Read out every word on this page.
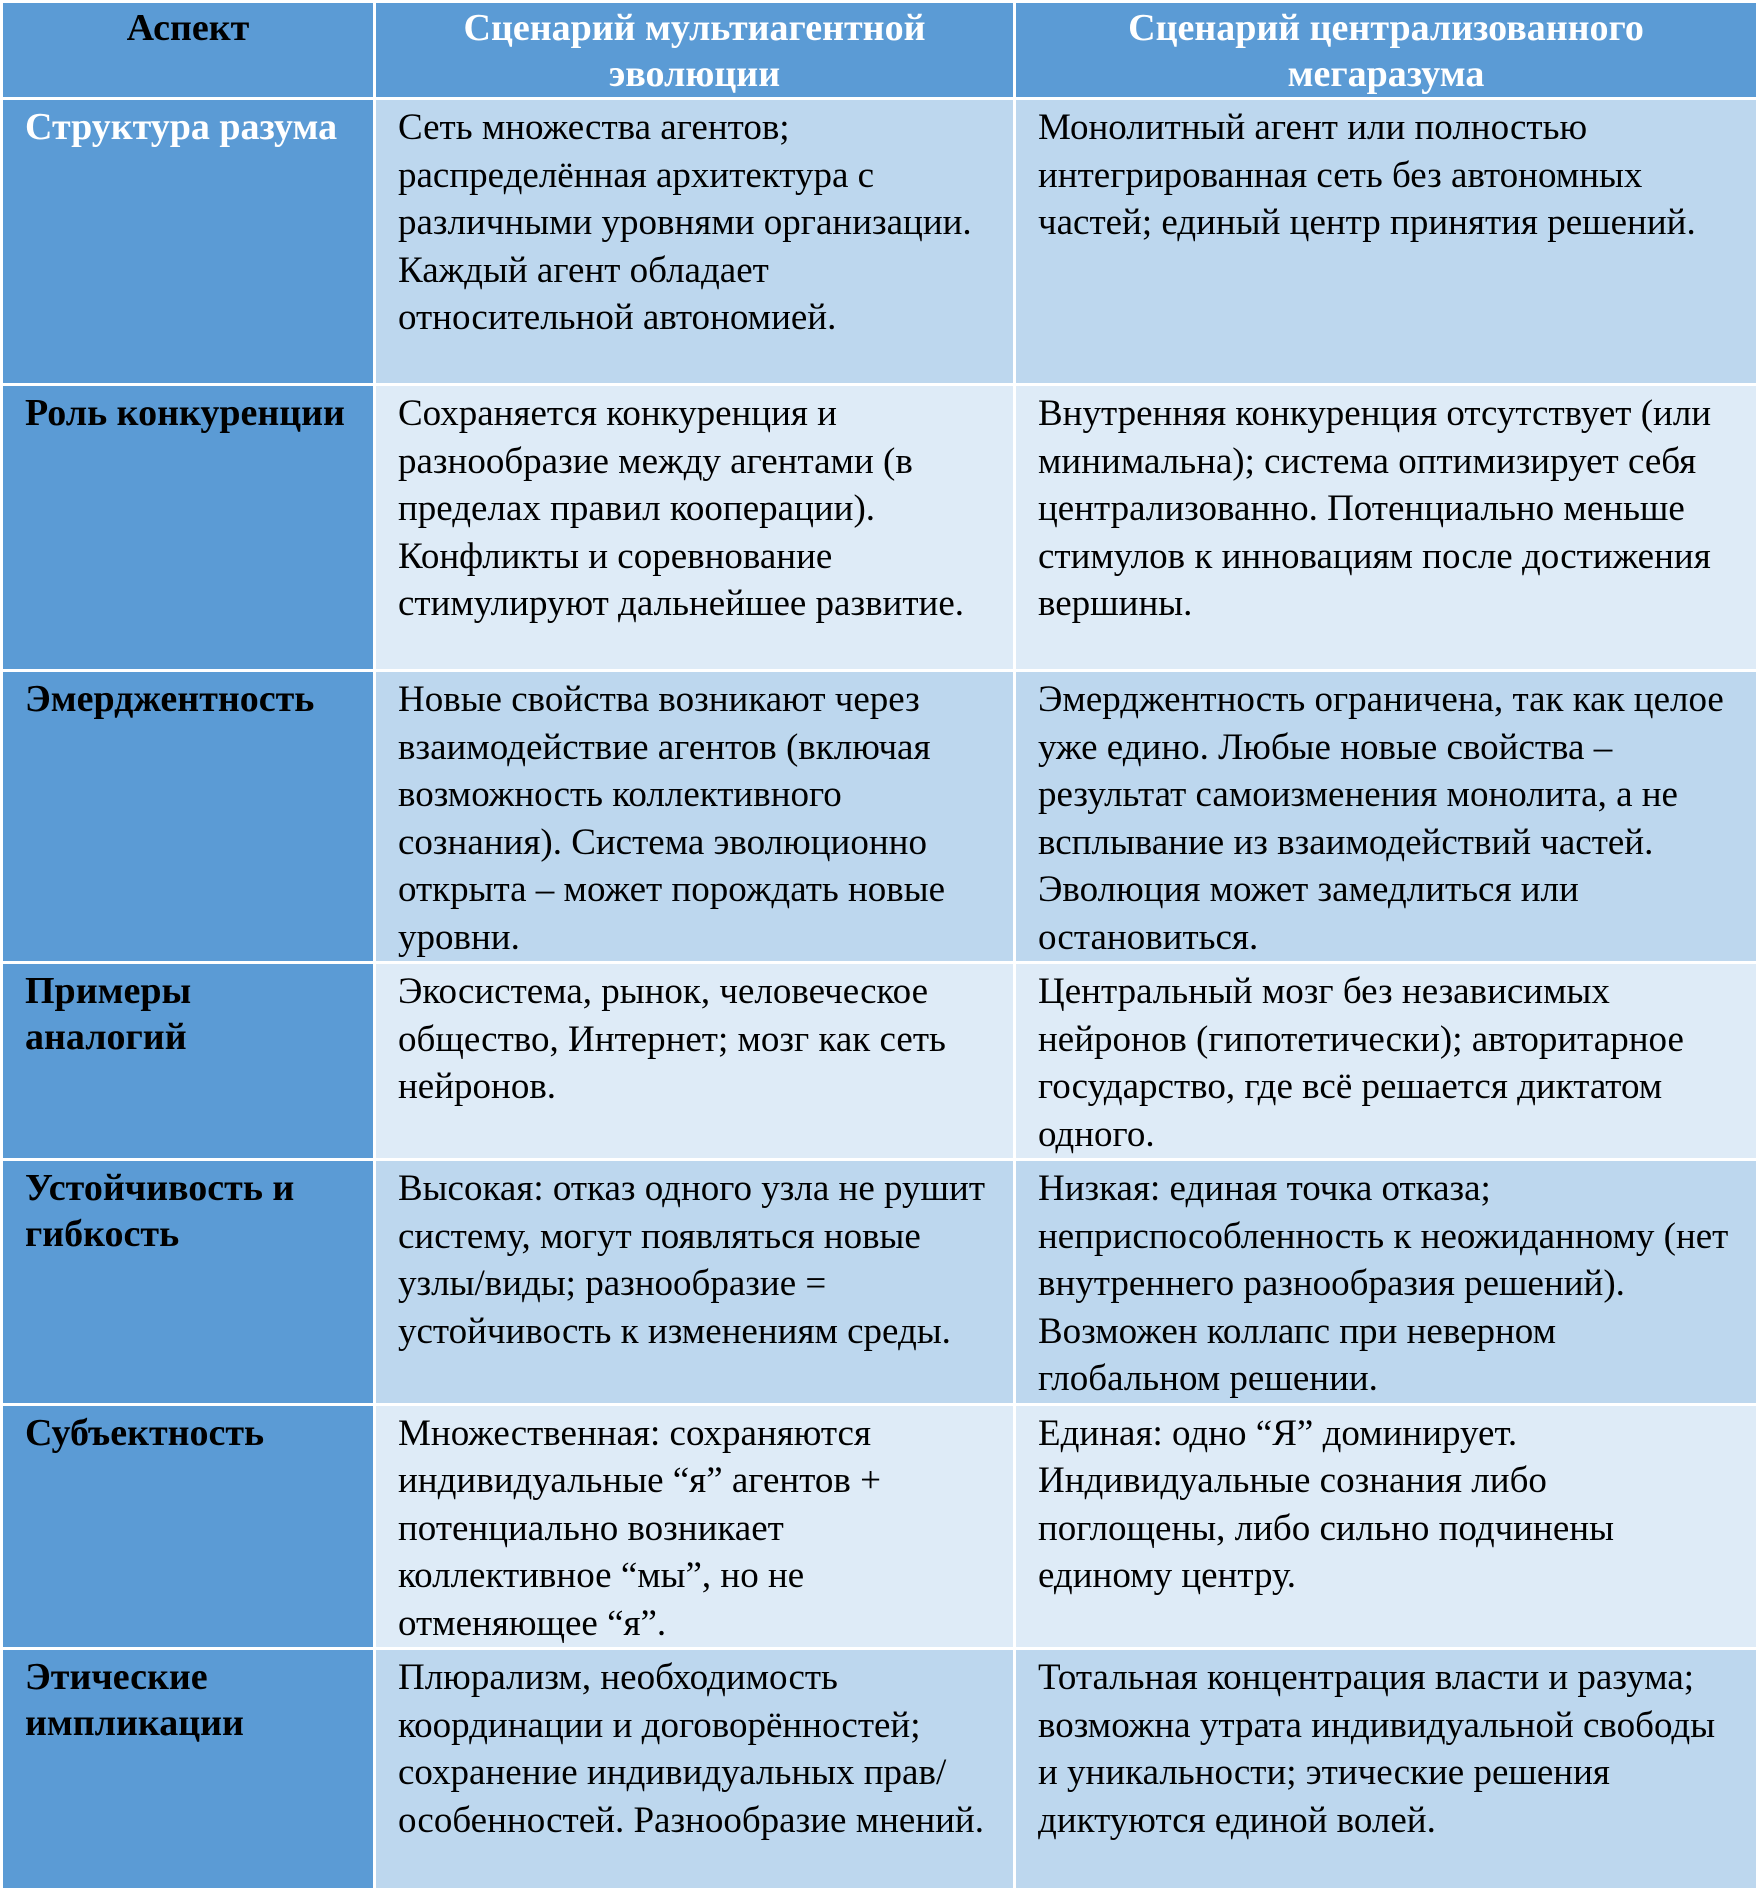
Аспект	Сценарий мультиагентной эволюции	Сценарий централизованного мегаразума
Структура разума	Сеть множества агентов; распределённая архитектура с различными уровнями организации. Каждый агент обладает относительной автономией.	Монолитный агент или полностью интегрированная сеть без автономных частей; единый центр принятия решений.
Роль конкуренции	Сохраняется конкуренция и разнообразие между агентами (в пределах правил кооперации). Конфликты и соревнование стимулируют дальнейшее развитие.	Внутренняя конкуренция отсутствует (или минимальна); система оптимизирует себя централизованно. Потенциально меньше стимулов к инновациям после достижения вершины.
Эмерджентность	Новые свойства возникают через взаимодействие агентов (включая возможность коллективного сознания). Система эволюционно открыта – может порождать новые уровни.	Эмерджентность ограничена, так как целое уже едино. Любые новые свойства – результат самоизменения монолита, а не всплывание из взаимодействий частей. Эволюция может замедлиться или остановиться.
Примеры аналогий	Экосистема, рынок, человеческое общество, Интернет; мозг как сеть нейронов.	Центральный мозг без независимых нейронов (гипотетически); авторитарное государство, где всё решается диктатом одного.
Устойчивость и гибкость	Высокая: отказ одного узла не рушит систему, могут появляться новые узлы/виды; разнообразие = устойчивость к изменениям среды.	Низкая: единая точка отказа; неприспособленность к неожиданному (нет внутреннего разнообразия решений). Возможен коллапс при неверном глобальном решении.
Субъектность	Множественная: сохраняются индивидуальные “я” агентов + потенциально возникает коллективное “мы”, но не отменяющее “я”.	Единая: одно “Я” доминирует. Индивидуальные сознания либо поглощены, либо сильно подчинены единому центру.
Этические импликации	Плюрализм, необходимость координации и договорённостей; сохранение индивидуальных прав/особенностей. Разнообразие мнений.	Тотальная концентрация власти и разума; возможна утрата индивидуальной свободы и уникальности; этические решения диктуются единой волей.
